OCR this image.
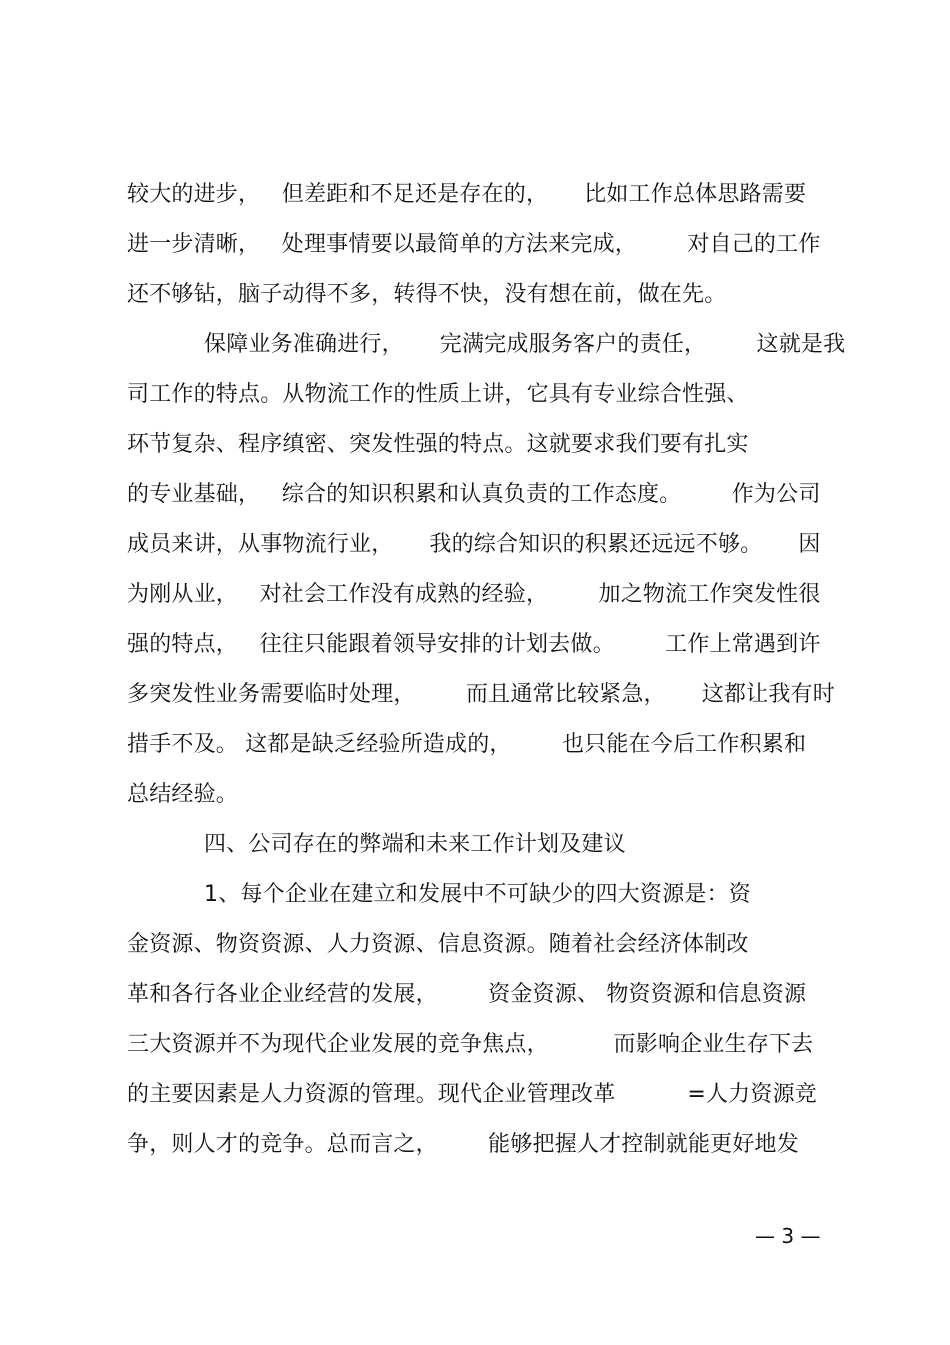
较大的进步，   但差距和不足还是存在的，     比如工作总体思路需要
进一步清晰，   处理事情要以最简单的方法来完成，       对自己的工作
还不够钻，脑子动得不多，转得不快，没有想在前，做在先。
保障业务准确进行，     完满完成服务客户的责任，       这就是我
司工作的特点。从物流工作的性质上讲，它具有专业综合性强、
环节复杂、程序缜密、突发性强的特点。这就要求我们要有扎实
的专业基础，   综合的知识积累和认真负责的工作态度。       作为公司
成员来讲，从事物流行业，     我的综合知识的积累还远远不够。     因
为刚从业，   对社会工作没有成熟的经验，       加之物流工作突发性很
强的特点，   往往只能跟着领导安排的计划去做。       工作上常遇到许
多突发性业务需要临时处理，       而且通常比较紧急，     这都让我有时
措手不及。 这都是缺乏经验所造成的，       也只能在今后工作积累和
总结经验。
四、公司存在的弊端和未来工作计划及建议
1、每个企业在建立和发展中不可缺少的四大资源是：资
金资源、物资资源、人力资源、信息资源。随着社会经济体制改
革和各行各业企业经营的发展，       资金资源、 物资资源和信息资源
三大资源并不为现代企业发展的竞争焦点，         而影响企业生存下去
的主要因素是人力资源的管理。现代企业管理改革          =人力资源竞
争，则人才的竞争。总而言之，       能够把握人才控制就能更好地发
— 3 —
